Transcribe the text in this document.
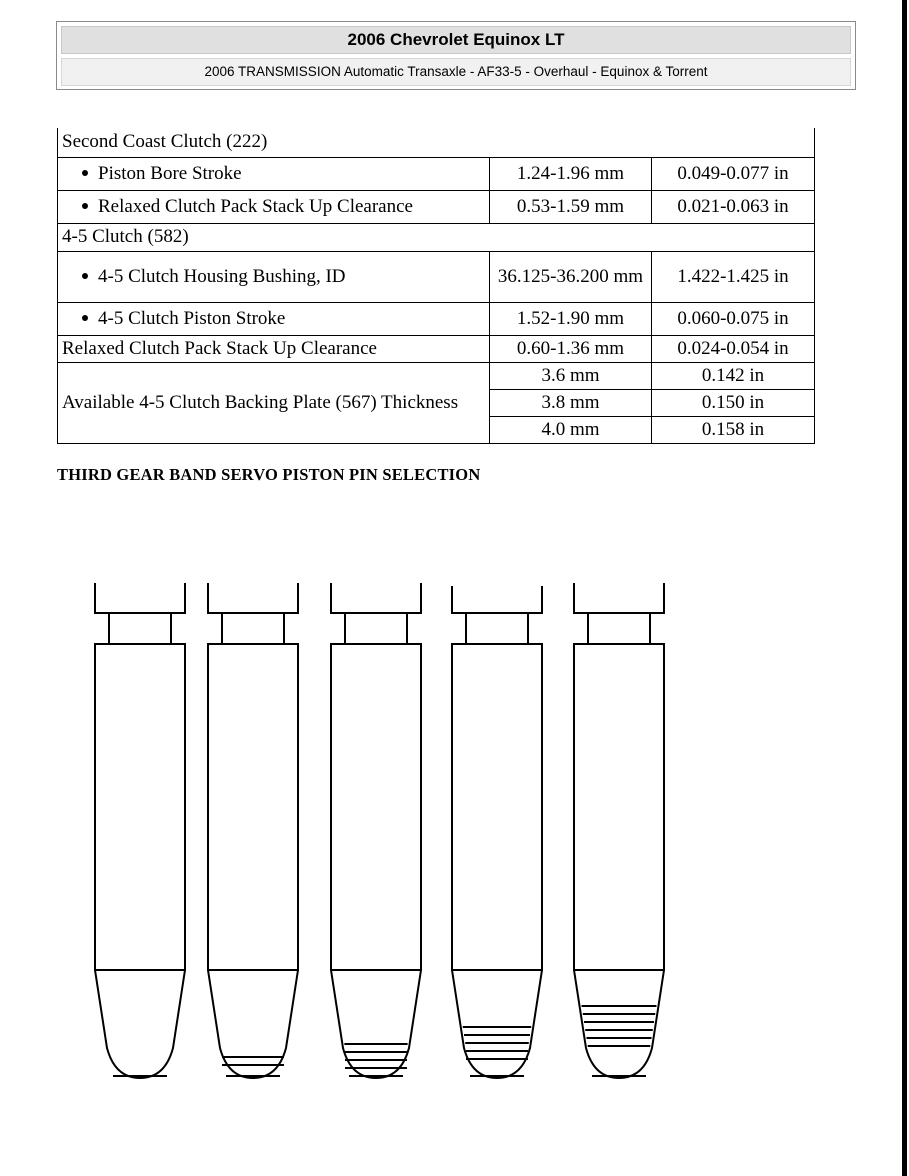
2006 Chevrolet Equinox LT
2006 TRANSMISSION Automatic Transaxle - AF33-5 - Overhaul - Equinox & Torrent
Second Coast Clutch (222)		
Piston Bore Stroke	1.24-1.96 mm	0.049-0.077 in
Relaxed Clutch Pack Stack Up Clearance	0.53-1.59 mm	0.021-0.063 in
4-5 Clutch (582)		
4-5 Clutch Housing Bushing, ID	36.125-36.200 mm	1.422-1.425 in
4-5 Clutch Piston Stroke	1.52-1.90 mm	0.060-0.075 in
Relaxed Clutch Pack Stack Up Clearance	0.60-1.36 mm	0.024-0.054 in
Available 4-5 Clutch Backing Plate (567) Thickness	3.6 mm	0.142 in
	3.8 mm	0.150 in
	4.0 mm	0.158 in
THIRD GEAR BAND SERVO PISTON PIN SELECTION
